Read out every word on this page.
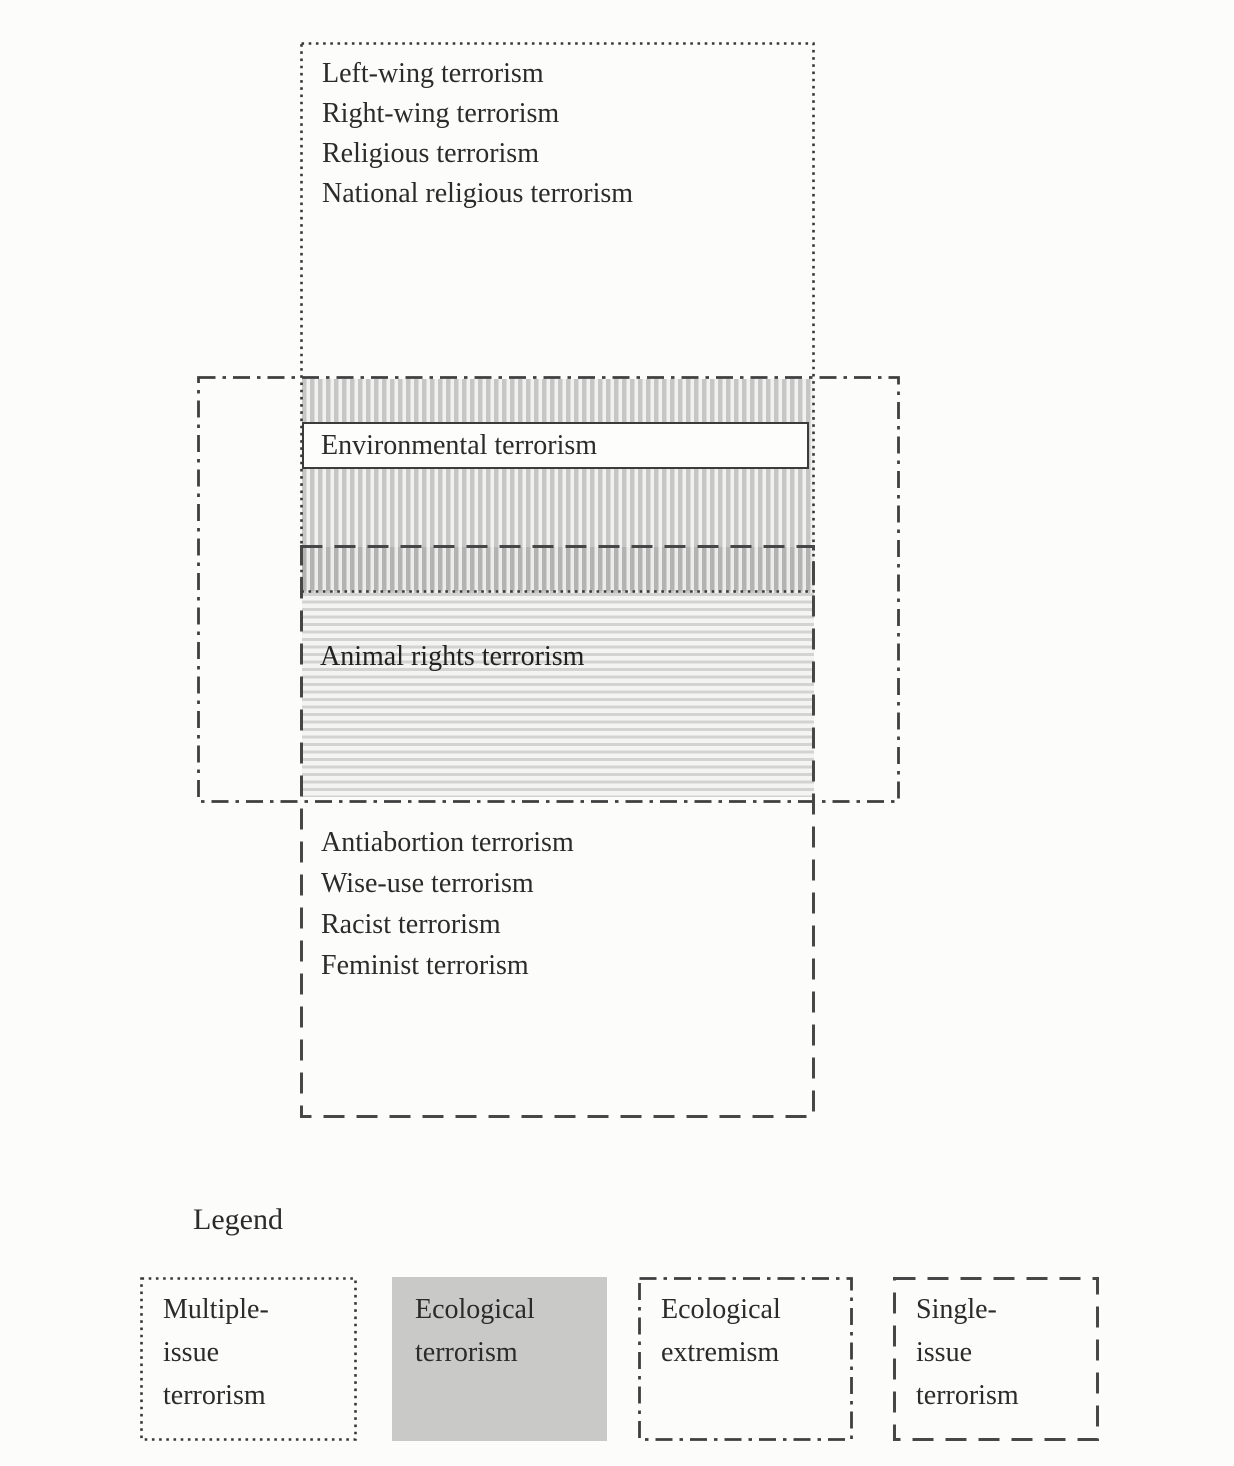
Left-wing terrorism
Right-wing terrorism
Religious terrorism
National religious terrorism
Environmental terrorism
Animal rights terrorism
Antiabortion terrorism
Wise-use terrorism
Racist terrorism
Feminist terrorism
Legend
Multiple-
issue
terrorism
Ecological
terrorism
Ecological
extremism
Single-
issue
terrorism
